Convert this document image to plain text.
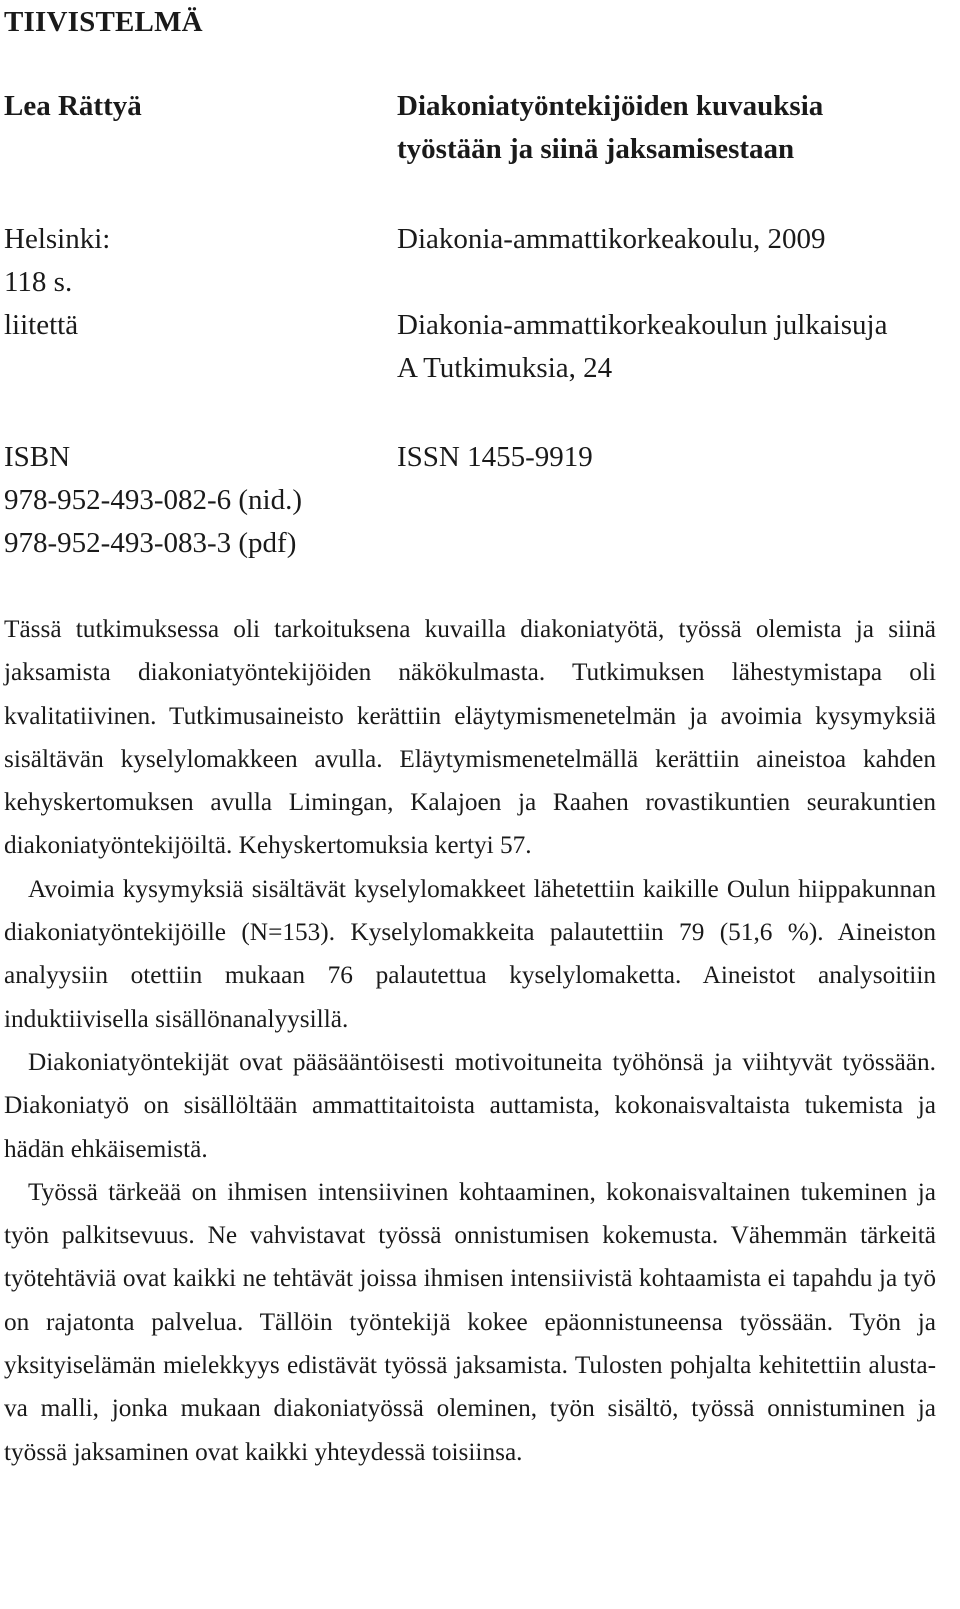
TIIVISTELMÄ
Lea Rättyä	Diakoniatyöntekijöiden kuvauksia
työstään ja siinä jaksamisestaan
Helsinki:	Diakonia-ammattikorkeakoulu, 2009
118 s.
liitettä	Diakonia-ammattikorkeakoulun julkaisuja
A Tutkimuksia, 24
ISBN	ISSN 1455-9919
978-952-493-082-6 (nid.)
978-952-493-083-3 (pdf)

Tässä tutkimuksessa oli tarkoituksena kuvailla diakoniatyötä, työssä olemista ja siinä jaksamista diakoniatyöntekijöiden näkökulmasta. Tutkimuksen lähestymistapa oli kvalitatiivinen. Tutkimusaineisto kerättiin eläytymismenetelmän ja avoimia kysymyksiä sisältävän kyselylomakkeen avulla. Eläytymismenetelmällä kerättiin aineistoa kahden kehyskertomuksen avulla Limingan, Kalajoen ja Raahen rovastikuntien seurakuntien diakoniatyöntekijöiltä. Kehyskertomuksia kertyi 57.

Avoimia kysymyksiä sisältävät kyselylomakkeet lähetettiin kaikille Oulun hiippakunnan diakoniatyöntekijöille (N=153). Kyselylomakkeita palautettiin 79 (51,6 %). Aineiston analyysiin otettiin mukaan 76 palautettua kyselylomaketta. Aineistot analysoitiin induktiivisella sisällönanalyysillä.

Diakoniatyöntekijät ovat pääsääntöisesti motivoituneita työhönsä ja viihtyvät työssään. Diakoniatyö on sisällöltään ammattitaitoista auttamista, kokonaisvaltaista tukemista ja hädän ehkäisemistä.

Työssä tärkeää on ihmisen intensiivinen kohtaaminen, kokonaisvaltainen tukeminen ja työn palkitsevuus. Ne vahvistavat työssä onnistumisen kokemusta. Vähemmän tärkeitä työtehtäviä ovat kaikki ne tehtävät joissa ihmisen intensiivistä kohtaamista ei tapahdu ja työ on rajatonta palvelua. Tällöin työntekijä kokee epäonnistuneensa työssään. Työn ja yksityiselämän mielekkyys edistävät työssä jaksamista. Tulosten pohjalta kehitettiin alustava malli, jonka mukaan diakoniatyössä oleminen, työn sisältö, työssä onnistuminen ja työssä jaksaminen ovat kaikki yhteydessä toisiinsa.
